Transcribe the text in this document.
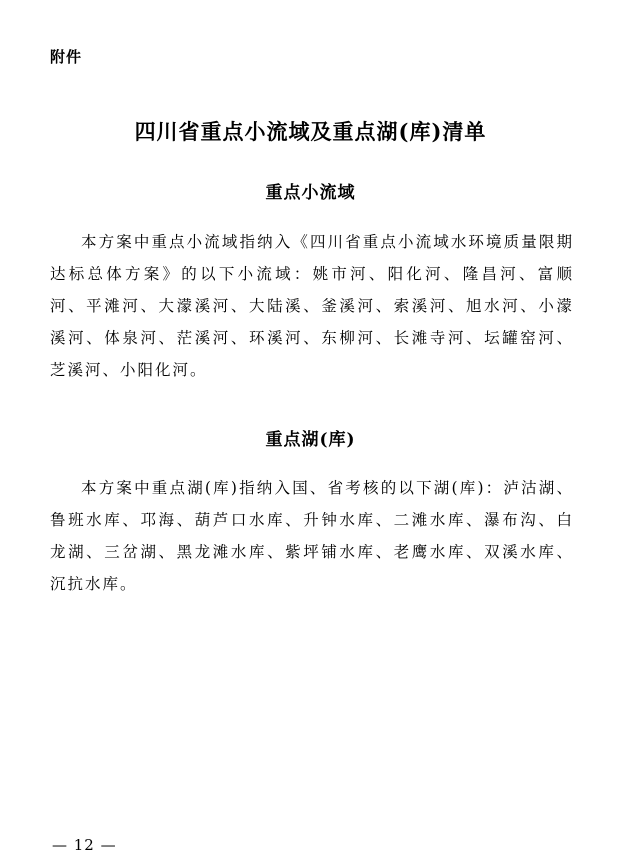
附件
四川省重点小流域及重点湖(库)清单
重点小流域
本方案中重点小流域指纳入《四川省重点小流域水环境质量限期达标总体方案》的以下小流域：姚市河、阳化河、隆昌河、富顺河、平滩河、大濛溪河、大陆溪、釜溪河、索溪河、旭水河、小濛溪河、体泉河、茫溪河、环溪河、东柳河、长滩寺河、坛罐窑河、芝溪河、小阳化河。
重点湖(库)
本方案中重点湖(库)指纳入国、省考核的以下湖(库)：泸沽湖、鲁班水库、邛海、葫芦口水库、升钟水库、二滩水库、瀑布沟、白龙湖、三岔湖、黑龙滩水库、紫坪铺水库、老鹰水库、双溪水库、沉抗水库。
— 12 —
